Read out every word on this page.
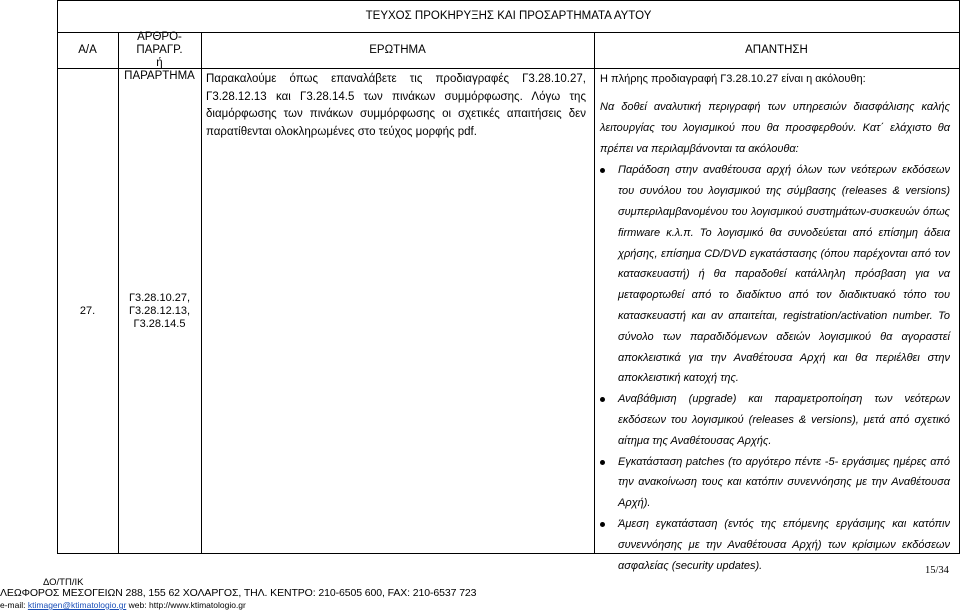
ΤΕΥΧΟΣ ΠΡΟΚΗΡΥΞΗΣ ΚΑΙ ΠΡΟΣΑΡΤΗΜΑΤΑ ΑΥΤΟΥ
Α/Α
ΑΡΘΡΟ-ΠΑΡΑΓΡ.
ή
ΠΑΡΑΡΤΗΜΑ
ΕΡΩΤΗΜΑ	ΑΠΑΝΤΗΣΗ
27.
Γ3.28.10.27,
Γ3.28.12.13,
Γ3.28.14.5
Παρακαλούμε όπως επαναλάβετε τις προδιαγραφές Γ3.28.10.27, Γ3.28.12.13 και Γ3.28.14.5 των πινάκων συμμόρφωσης. Λόγω της διαμόρφωσης των πινάκων συμμόρφωσης οι σχετικές απαιτήσεις δεν παρατίθενται ολοκληρωμένες στο τεύχος μορφής pdf.

Η πλήρης προδιαγραφή Γ3.28.10.27 είναι η ακόλουθη:

Να δοθεί αναλυτική περιγραφή των υπηρεσιών διασφάλισης καλής λειτουργίας του λογισμικού που θα προσφερθούν. Κατ΄ ελάχιστο θα πρέπει να περιλαμβάνονται τα ακόλουθα:

Παράδοση στην αναθέτουσα αρχή όλων των νεότερων εκδόσεων του συνόλου του λογισμικού της σύμβασης (releases & versions) συμπεριλαμβανομένου του λογισμικού συστημάτων-συσκευών όπως firmware κ.λ.π. Το λογισμικό θα συνοδεύεται από επίσημη άδεια χρήσης, επίσημα CD/DVD εγκατάστασης (όπου παρέχονται από τον κατασκευαστή) ή θα παραδοθεί κατάλληλη πρόσβαση για να μεταφορτωθεί από το διαδίκτυο από τον διαδικτυακό τόπο του κατασκευαστή και αν απαιτείται, registration/activation number. Το σύνολο των παραδιδόμενων αδειών λογισμικού θα αγοραστεί αποκλειστικά για την Αναθέτουσα Αρχή και θα περιέλθει στην αποκλειστική κατοχή της.
Αναβάθμιση (upgrade) και παραμετροποίηση των νεότερων εκδόσεων του λογισμικού (releases & versions), μετά από σχετικό αίτημα της Αναθέτουσας Αρχής.
Εγκατάσταση patches (το αργότερο πέντε -5- εργάσιμες ημέρες από την ανακοίνωση τους και κατόπιν συνεννόησης με την Αναθέτουσα Αρχή).
Άμεση εγκατάσταση (εντός της επόμενης εργάσιμης και κατόπιν συνεννόησης με την Αναθέτουσα Αρχή) των κρίσιμων εκδόσεων ασφαλείας (security updates).
ΔΟ/ΤΠ/ΙΚ
ΛΕΩΦΟΡΟΣ ΜΕΣΟΓΕΙΩΝ 288, 155 62 ΧΟΛΑΡΓΟΣ, ΤΗΛ. ΚΕΝΤΡΟ: 210-6505 600, FAX: 210-6537 723
e-mail: ktimagen@ktimatologio.gr web: http://www.ktimatologio.gr
15/34
